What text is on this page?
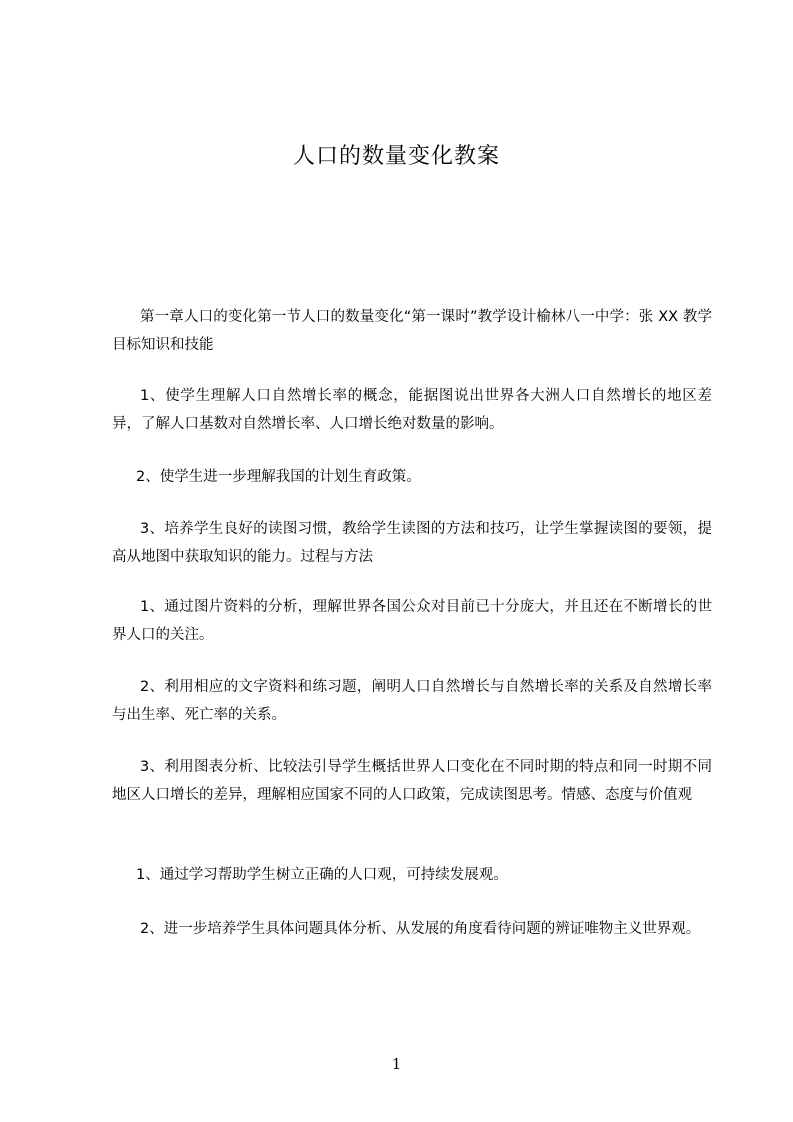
人口的数量变化教案

第一章人口的变化第一节人口的数量变化“第一课时”教学设计榆林八一中学：张 XX 教学目标知识和技能

1、使学生理解人口自然增长率的概念，能据图说出世界各大洲人口自然增长的地区差异，了解人口基数对自然增长率、人口增长绝对数量的影响。

2、使学生进一步理解我国的计划生育政策。

3、培养学生良好的读图习惯，教给学生读图的方法和技巧，让学生掌握读图的要领，提高从地图中获取知识的能力。过程与方法

1、通过图片资料的分析，理解世界各国公众对目前已十分庞大，并且还在不断增长的世界人口的关注。

2、利用相应的文字资料和练习题，阐明人口自然增长与自然增长率的关系及自然增长率与出生率、死亡率的关系。

3、利用图表分析、比较法引导学生概括世界人口变化在不同时期的特点和同一时期不同地区人口增长的差异，理解相应国家不同的人口政策，完成读图思考。情感、态度与价值观

1、通过学习帮助学生树立正确的人口观，可持续发展观。

2、进一步培养学生具体问题具体分析、从发展的角度看待问题的辨证唯物主义世界观。

1
